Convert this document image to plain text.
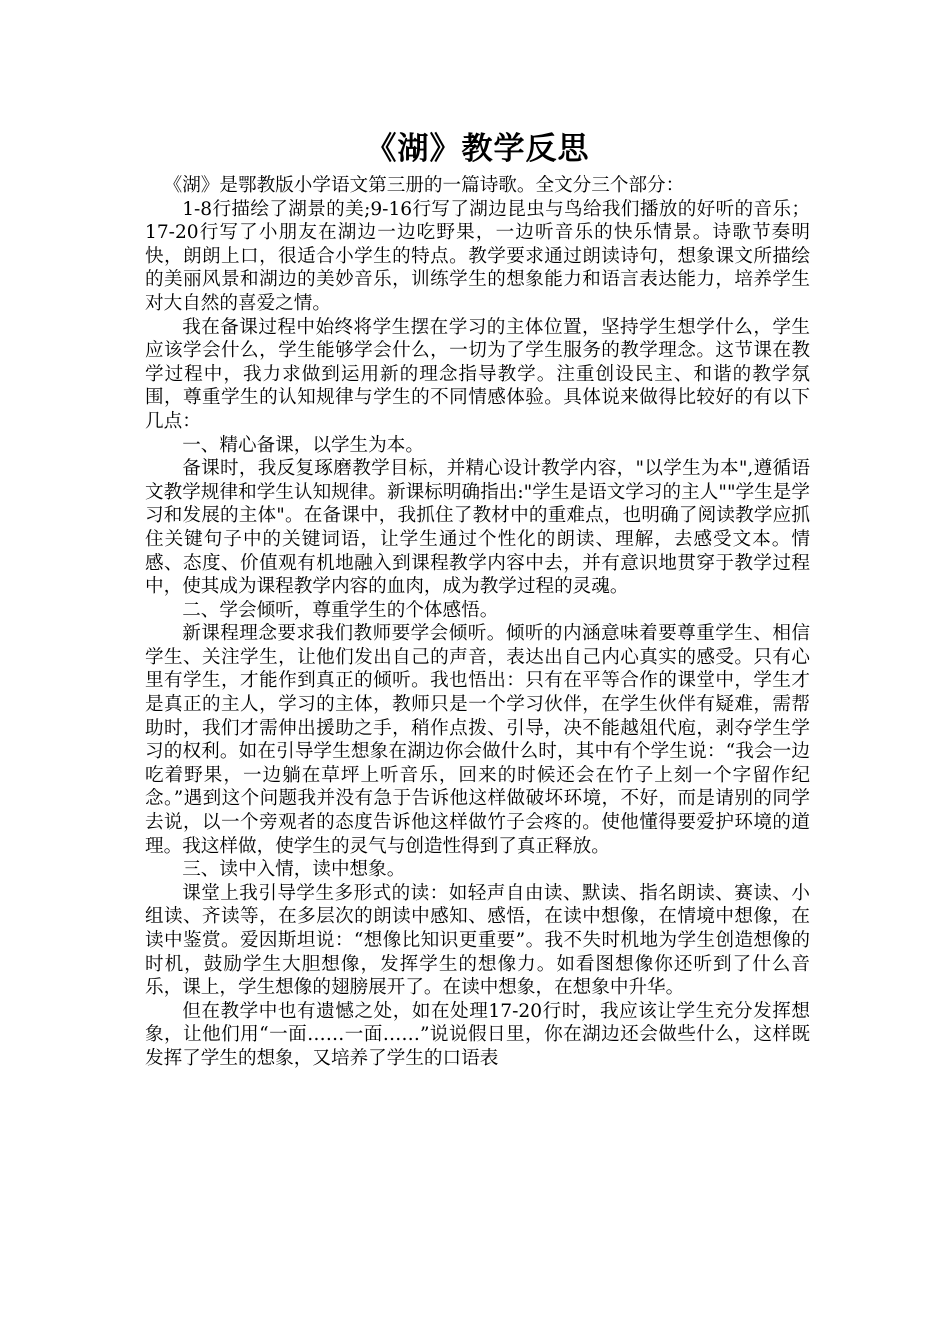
《湖》教学反思

《湖》是鄂教版小学语文第三册的一篇诗歌。全文分三个部分：

1-8行描绘了湖景的美;9-16行写了湖边昆虫与鸟给我们播放的好听的音乐；17-20行写了小朋友在湖边一边吃野果，一边听音乐的快乐情景。诗歌节奏明快，朗朗上口，很适合小学生的特点。教学要求通过朗读诗句，想象课文所描绘的美丽风景和湖边的美妙音乐，训练学生的想象能力和语言表达能力，培养学生对大自然的喜爱之情。

我在备课过程中始终将学生摆在学习的主体位置，坚持学生想学什么，学生应该学会什么，学生能够学会什么，一切为了学生服务的教学理念。这节课在教学过程中，我力求做到运用新的理念指导教学。注重创设民主、和谐的教学氛围，尊重学生的认知规律与学生的不同情感体验。具体说来做得比较好的有以下几点：

一、精心备课，以学生为本。

备课时，我反复琢磨教学目标，并精心设计教学内容，"以学生为本",遵循语文教学规律和学生认知规律。新课标明确指出:"学生是语文学习的主人""学生是学习和发展的主体"。在备课中，我抓住了教材中的重难点，也明确了阅读教学应抓住关键句子中的关键词语，让学生通过个性化的朗读、理解，去感受文本。情感、态度、价值观有机地融入到课程教学内容中去，并有意识地贯穿于教学过程中，使其成为课程教学内容的血肉，成为教学过程的灵魂。

二、学会倾听，尊重学生的个体感悟。

新课程理念要求我们教师要学会倾听。倾听的内涵意味着要尊重学生、相信学生、关注学生，让他们发出自己的声音，表达出自己内心真实的感受。只有心里有学生，才能作到真正的倾听。我也悟出：只有在平等合作的课堂中，学生才是真正的主人，学习的主体，教师只是一个学习伙伴，在学生伙伴有疑难，需帮助时，我们才需伸出援助之手，稍作点拨、引导，决不能越俎代庖，剥夺学生学习的权利。如在引导学生想象在湖边你会做什么时，其中有个学生说：“我会一边吃着野果，一边躺在草坪上听音乐，回来的时候还会在竹子上刻一个字留作纪念。”遇到这个问题我并没有急于告诉他这样做破坏环境，不好，而是请别的同学去说，以一个旁观者的态度告诉他这样做竹子会疼的。使他懂得要爱护环境的道理。我这样做，使学生的灵气与创造性得到了真正释放。

三、读中入情，读中想象。

课堂上我引导学生多形式的读：如轻声自由读、默读、指名朗读、赛读、小组读、齐读等，在多层次的朗读中感知、感悟，在读中想像，在情境中想像，在读中鉴赏。爱因斯坦说：“想像比知识更重要”。我不失时机地为学生创造想像的时机，鼓励学生大胆想像，发挥学生的想像力。如看图想像你还听到了什么音乐，课上，学生想像的翅膀展开了。在读中想象，在想象中升华。

但在教学中也有遗憾之处，如在处理17-20行时，我应该让学生充分发挥想象，让他们用“一面……一面……”说说假日里，你在湖边还会做些什么，这样既发挥了学生的想象，又培养了学生的口语表
